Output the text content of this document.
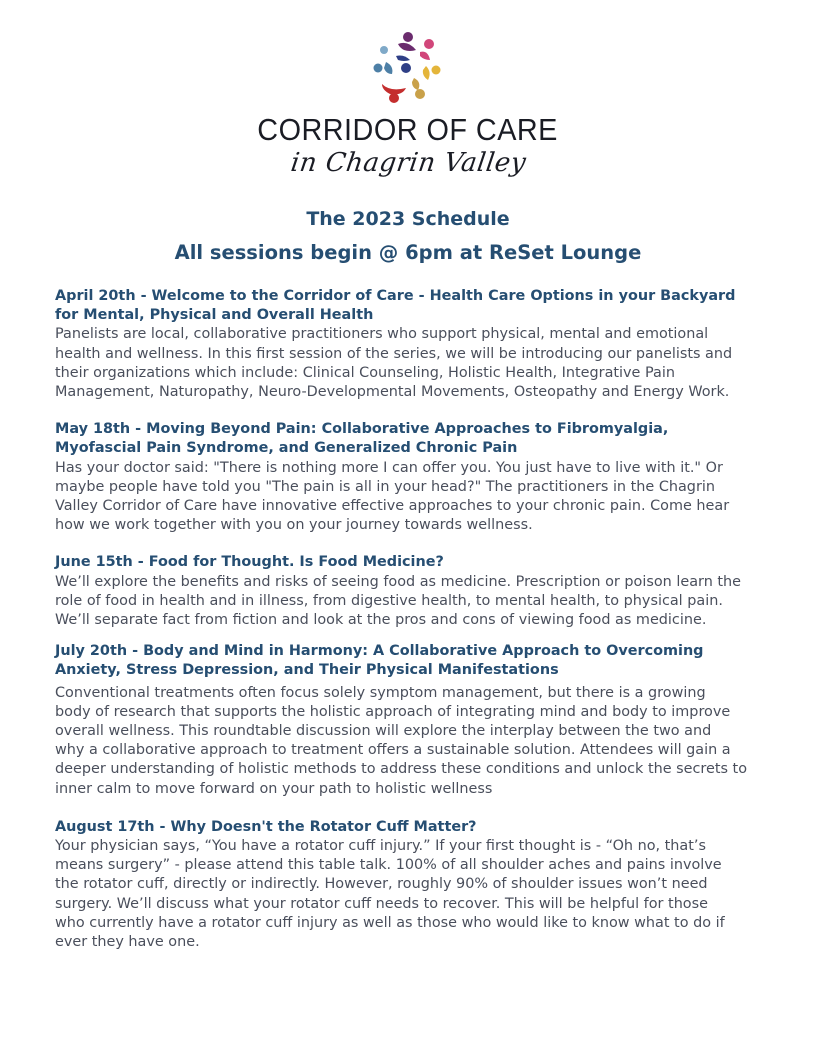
CORRIDOR OF CARE
in Chagrin Valley
The 2023 Schedule
All sessions begin @ 6pm at ReSet Lounge

April 20th - Welcome to the Corridor of Care - Health Care Options in your Backyard
for Mental, Physical and Overall Health

Panelists are local, collaborative practitioners who support physical, mental and emotional
health and wellness. In this first session of the series, we will be introducing our panelists and
their organizations which include: Clinical Counseling, Holistic Health, Integrative Pain
Management, Naturopathy, Neuro-Developmental Movements, Osteopathy and Energy Work.

May 18th - Moving Beyond Pain: Collaborative Approaches to Fibromyalgia,
Myofascial Pain Syndrome, and Generalized Chronic Pain

Has your doctor said: "There is nothing more I can offer you. You just have to live with it." Or
maybe people have told you "The pain is all in your head?" The practitioners in the Chagrin
Valley Corridor of Care have innovative effective approaches to your chronic pain. Come hear
how we work together with you on your journey towards wellness.

June 15th - Food for Thought. Is Food Medicine?

We’ll explore the benefits and risks of seeing food as medicine. Prescription or poison learn the
role of food in health and in illness, from digestive health, to mental health, to physical pain.
We’ll separate fact from fiction and look at the pros and cons of viewing food as medicine.

July 20th - Body and Mind in Harmony: A Collaborative Approach to Overcoming
Anxiety, Stress Depression, and Their Physical Manifestations

Conventional treatments often focus solely symptom management, but there is a growing
body of research that supports the holistic approach of integrating mind and body to improve
overall wellness. This roundtable discussion will explore the interplay between the two and
why a collaborative approach to treatment offers a sustainable solution. Attendees will gain a
deeper understanding of holistic methods to address these conditions and unlock the secrets to
inner calm to move forward on your path to holistic wellness

August 17th - Why Doesn't the Rotator Cuff Matter?

Your physician says, “You have a rotator cuff injury.” If your first thought is - “Oh no, that’s
means surgery” - please attend this table talk. 100% of all shoulder aches and pains involve
the rotator cuff, directly or indirectly. However, roughly 90% of shoulder issues won’t need
surgery. We’ll discuss what your rotator cuff needs to recover. This will be helpful for those
who currently have a rotator cuff injury as well as those who would like to know what to do if
ever they have one.
